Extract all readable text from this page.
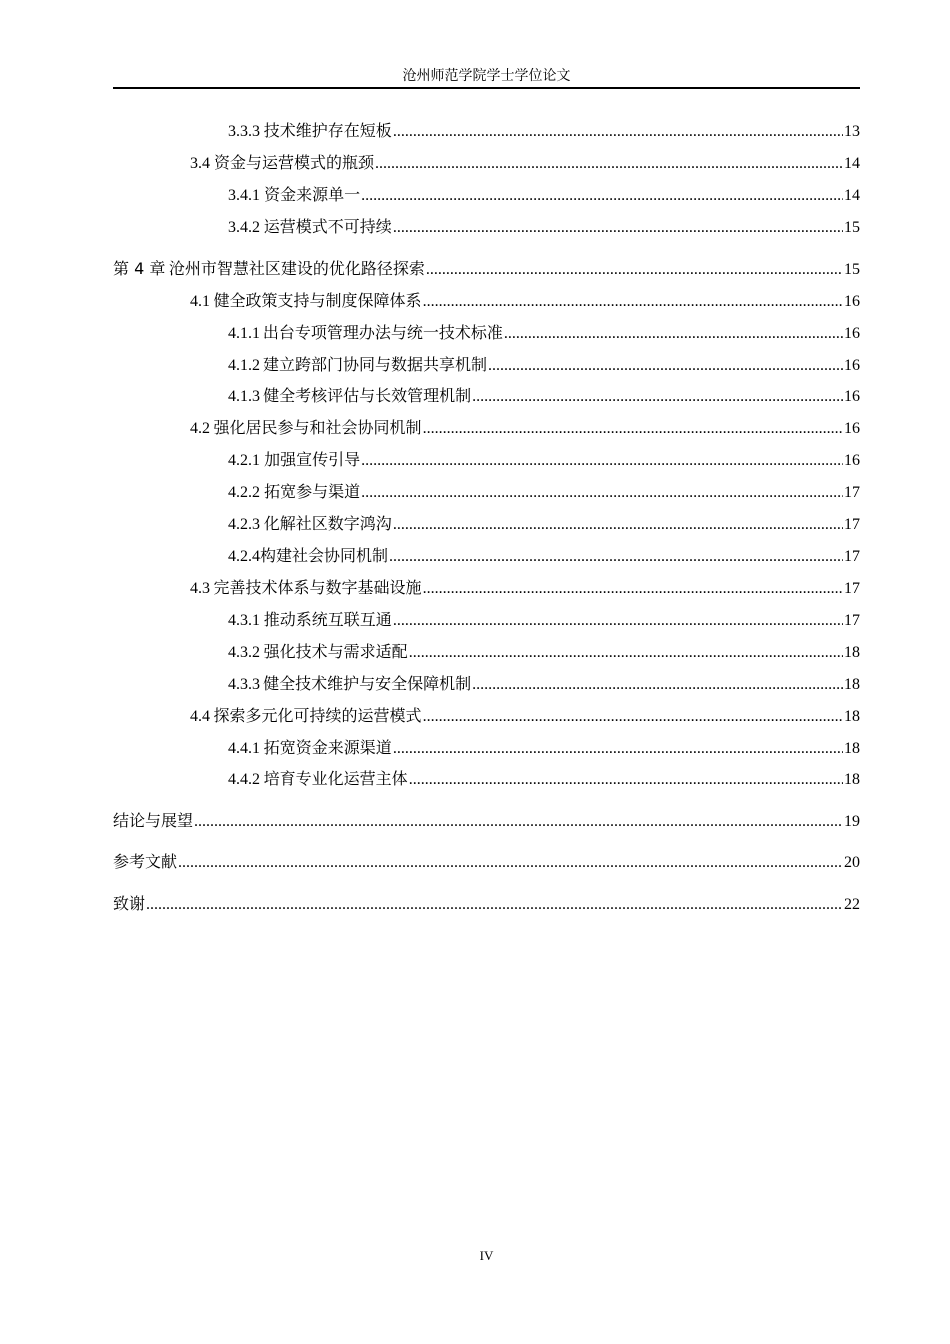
沧州师范学院学士学位论文
3.3.3 技术维护存在短板 .....	13
3.4 资金与运营模式的瓶颈 .....	14
3.4.1 资金来源单一 .....	14
3.4.2 运营模式不可持续 .....	15
第 4 章 沧州市智慧社区建设的优化路径探索 .....	15
4.1 健全政策支持与制度保障体系 .....	16
4.1.1 出台专项管理办法与统一技术标准 .....	16
4.1.2 建立跨部门协同与数据共享机制 .....	16
4.1.3 健全考核评估与长效管理机制 .....	16
4.2 强化居民参与和社会协同机制 .....	16
4.2.1 加强宣传引导 .....	16
4.2.2 拓宽参与渠道 .....	17
4.2.3 化解社区数字鸿沟 .....	17
4.2.4 构建社会协同机制 .....	17
4.3 完善技术体系与数字基础设施 .....	17
4.3.1 推动系统互联互通 .....	17
4.3.2 强化技术与需求适配 .....	18
4.3.3 健全技术维护与安全保障机制 .....	18
4.4 探索多元化可持续的运营模式 .....	18
4.4.1 拓宽资金来源渠道 .....	18
4.4.2 培育专业化运营主体 .....	18
结论与展望 .....	19
参考文献 .....	20
致谢 .....	22
IV
